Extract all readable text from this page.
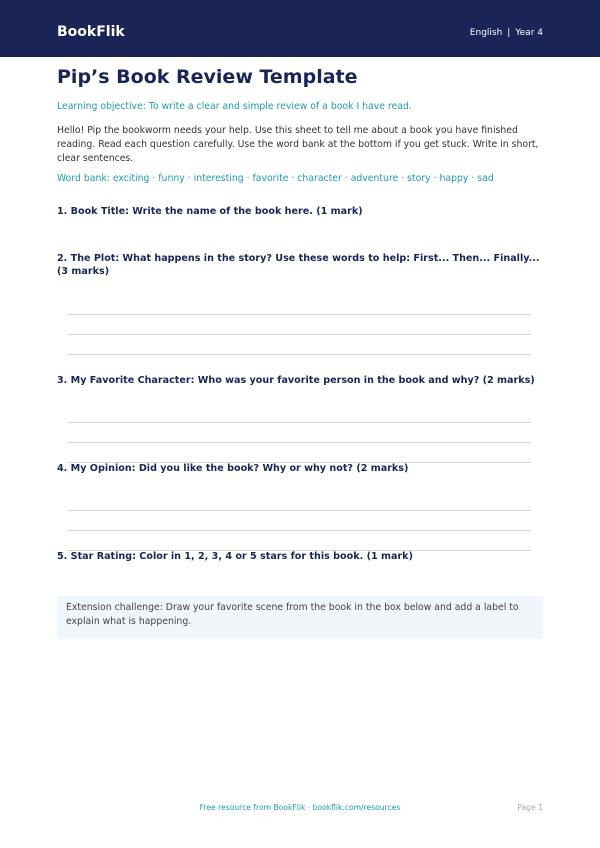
BookFlik	English | Year 4
Pip’s Book Review Template
Learning objective: To write a clear and simple review of a book I have read.
Hello! Pip the bookworm needs your help. Use this sheet to tell me about a book you have finished reading. Read each question carefully. Use the word bank at the bottom if you get stuck. Write in short, clear sentences.
Word bank: exciting · funny · interesting · favorite · character · adventure · story · happy · sad
1. Book Title: Write the name of the book here. (1 mark)
2. The Plot: What happens in the story? Use these words to help: First... Then... Finally... (3 marks)
3. My Favorite Character: Who was your favorite person in the book and why? (2 marks)
4. My Opinion: Did you like the book? Why or why not? (2 marks)
5. Star Rating: Color in 1, 2, 3, 4 or 5 stars for this book. (1 mark)
Extension challenge: Draw your favorite scene from the book in the box below and add a label to explain what is happening.
Free resource from BookFlik · bookflik.com/resources	Page 1
